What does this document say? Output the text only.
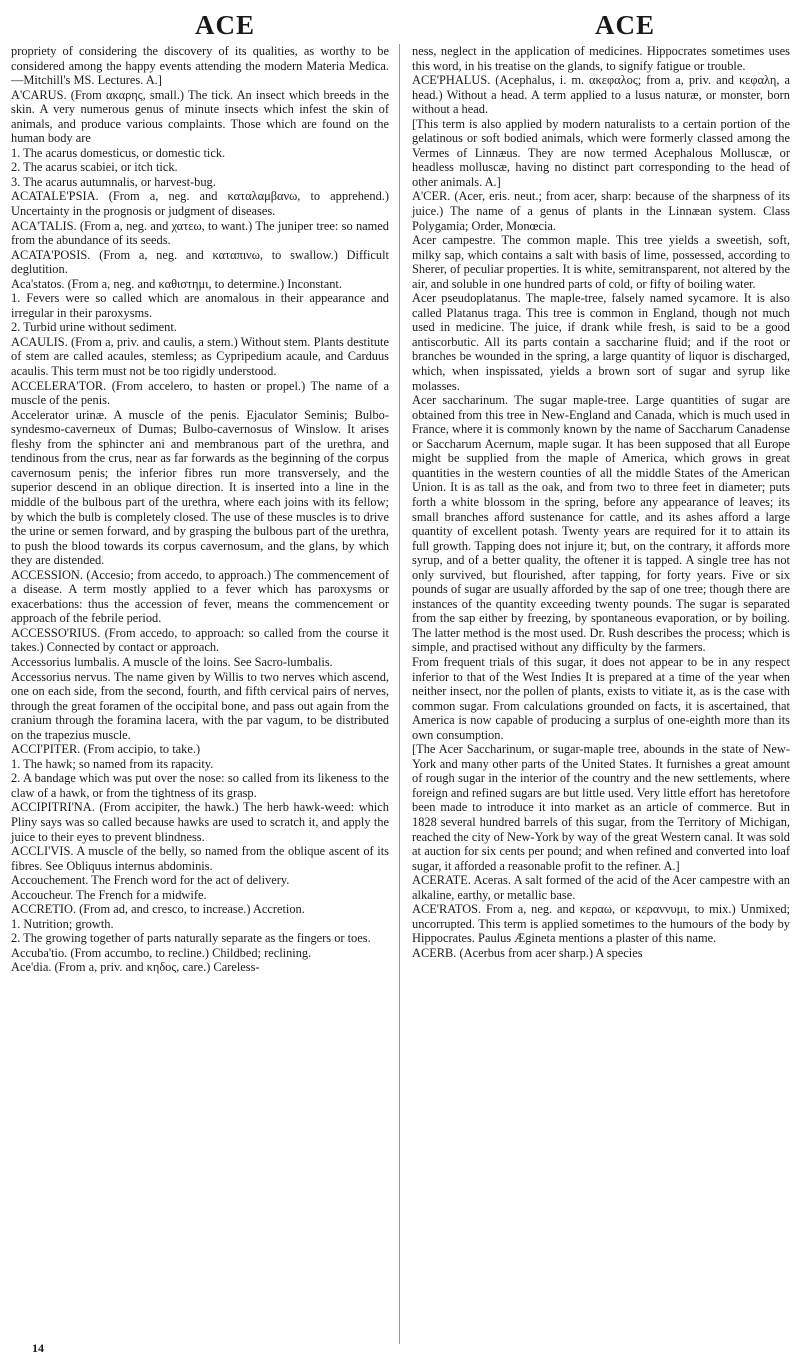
ACE	ACE

propriety of considering the discovery of its qualities, as worthy to be considered among the happy events attending the modern Materia Medica.—Mitchill's MS. Lectures. A.]

A'CARUS. (From ακαρης, small.) The tick. An insect which breeds in the skin. A very numerous genus of minute insects which infest the skin of animals, and produce various complaints. Those which are found on the human body are

1. The acarus domesticus, or domestic tick.

2. The acarus scabiei, or itch tick.

3. The acarus autumnalis, or harvest-bug.

ACATALE'PSIA. (From a, neg. and καταλαμβανω, to apprehend.) Uncertainty in the prognosis or judgment of diseases.

ACA'TALIS. (From a, neg. and χατεω, to want.) The juniper tree: so named from the abundance of its seeds.

ACATA'POSIS. (From a, neg. and καταπινω, to swallow.) Difficult deglutition.

Aca'statos. (From a, neg. and καθιστημι, to determine.) Inconstant.

1. Fevers were so called which are anomalous in their appearance and irregular in their paroxysms.

2. Turbid urine without sediment.

ACAULIS. (From a, priv. and caulis, a stem.) Without stem. Plants destitute of stem are called acaules, stemless; as Cypripedium acaule, and Carduus acaulis. This term must not be too rigidly understood.

ACCELERA'TOR. (From accelero, to hasten or propel.) The name of a muscle of the penis.

Accelerator urinæ. A muscle of the penis. Ejaculator Seminis; Bulbo-syndesmo-caverneux of Dumas; Bulbo-cavernosus of Winslow. It arises fleshy from the sphincter ani and membranous part of the urethra, and tendinous from the crus, near as far forwards as the beginning of the corpus cavernosum penis; the inferior fibres run more transversely, and the superior descend in an oblique direction. It is inserted into a line in the middle of the bulbous part of the urethra, where each joins with its fellow; by which the bulb is completely closed. The use of these muscles is to drive the urine or semen forward, and by grasping the bulbous part of the urethra, to push the blood towards its corpus cavernosum, and the glans, by which they are distended.

ACCESSION. (Accesio; from accedo, to approach.) The commencement of a disease. A term mostly applied to a fever which has paroxysms or exacerbations: thus the accession of fever, means the commencement or approach of the febrile period.

ACCESSO'RIUS. (From accedo, to approach: so called from the course it takes.) Connected by contact or approach.

Accessorius lumbalis. A muscle of the loins. See Sacro-lumbalis.

Accessorius nervus. The name given by Willis to two nerves which ascend, one on each side, from the second, fourth, and fifth cervical pairs of nerves, through the great foramen of the occipital bone, and pass out again from the cranium through the foramina lacera, with the par vagum, to be distributed on the trapezius muscle.

ACCI'PITER. (From accipio, to take.)

1. The hawk; so named from its rapacity.

2. A bandage which was put over the nose: so called from its likeness to the claw of a hawk, or from the tightness of its grasp.

ACCIPITRI'NA. (From accipiter, the hawk.) The herb hawk-weed: which Pliny says was so called because hawks are used to scratch it, and apply the juice to their eyes to prevent blindness.

ACCLI'VIS. A muscle of the belly, so named from the oblique ascent of its fibres. See Obliquus internus abdominis.

Accouchement. The French word for the act of delivery.

Accoucheur. The French for a midwife.

ACCRETIO. (From ad, and cresco, to increase.) Accretion.

1. Nutrition; growth.

2. The growing together of parts naturally separate as the fingers or toes.

Accuba'tio. (From accumbo, to recline.) Childbed; reclining.

Ace'dia. (From a, priv. and κηδος, care.) Careless-

ness, neglect in the application of medicines. Hippocrates sometimes uses this word, in his treatise on the glands, to signify fatigue or trouble.

ACE'PHALUS. (Acephalus, i. m. ακεφαλος; from a, priv. and κεφαλη, a head.) Without a head. A term applied to a lusus naturæ, or monster, born without a head.

[This term is also applied by modern naturalists to a certain portion of the gelatinous or soft bodied animals, which were formerly classed among the Vermes of Linnæus. They are now termed Acephalous Molluscæ, or headless molluscæ, having no distinct part corresponding to the head of other animals. A.]

A'CER. (Acer, eris. neut.; from acer, sharp: because of the sharpness of its juice.) The name of a genus of plants in the Linnæan system. Class Polygamia; Order, Monœcia.

Acer campestre. The common maple. This tree yields a sweetish, soft, milky sap, which contains a salt with basis of lime, possessed, according to Sherer, of peculiar properties. It is white, semitransparent, not altered by the air, and soluble in one hundred parts of cold, or fifty of boiling water.

Acer pseudoplatanus. The maple-tree, falsely named sycamore. It is also called Platanus traga. This tree is common in England, though not much used in medicine. The juice, if drank while fresh, is said to be a good antiscorbutic. All its parts contain a saccharine fluid; and if the root or branches be wounded in the spring, a large quantity of liquor is discharged, which, when inspissated, yields a brown sort of sugar and syrup like molasses.

Acer saccharinum. The sugar maple-tree. Large quantities of sugar are obtained from this tree in New-England and Canada, which is much used in France, where it is commonly known by the name of Saccharum Canadense or Saccharum Acernum, maple sugar. It has been supposed that all Europe might be supplied from the maple of America, which grows in great quantities in the western counties of all the middle States of the American Union. It is as tall as the oak, and from two to three feet in diameter; puts forth a white blossom in the spring, before any appearance of leaves; its small branches afford sustenance for cattle, and its ashes afford a large quantity of excellent potash. Twenty years are required for it to attain its full growth. Tapping does not injure it; but, on the contrary, it affords more syrup, and of a better quality, the oftener it is tapped. A single tree has not only survived, but flourished, after tapping, for forty years. Five or six pounds of sugar are usually afforded by the sap of one tree; though there are instances of the quantity exceeding twenty pounds. The sugar is separated from the sap either by freezing, by spontaneous evaporation, or by boiling. The latter method is the most used. Dr. Rush describes the process; which is simple, and practised without any difficulty by the farmers.

From frequent trials of this sugar, it does not appear to be in any respect inferior to that of the West Indies It is prepared at a time of the year when neither insect, nor the pollen of plants, exists to vitiate it, as is the case with common sugar. From calculations grounded on facts, it is ascertained, that America is now capable of producing a surplus of one-eighth more than its own consumption.

[The Acer Saccharinum, or sugar-maple tree, abounds in the state of New-York and many other parts of the United States. It furnishes a great amount of rough sugar in the interior of the country and the new settlements, where foreign and refined sugars are but little used. Very little effort has heretofore been made to introduce it into market as an article of commerce. But in 1828 several hundred barrels of this sugar, from the Territory of Michigan, reached the city of New-York by way of the great Western canal. It was sold at auction for six cents per pound; and when refined and converted into loaf sugar, it afforded a reasonable profit to the refiner. A.]

ACERATE. Aceras. A salt formed of the acid of the Acer campestre with an alkaline, earthy, or metallic base.

ACE'RATOS. From a, neg. and κεραω, or κεραννυμι, to mix.) Unmixed; uncorrupted. This term is applied sometimes to the humours of the body by Hippocrates. Paulus Ægineta mentions a plaster of this name.

ACERB. (Acerbus from acer sharp.) A species

14
